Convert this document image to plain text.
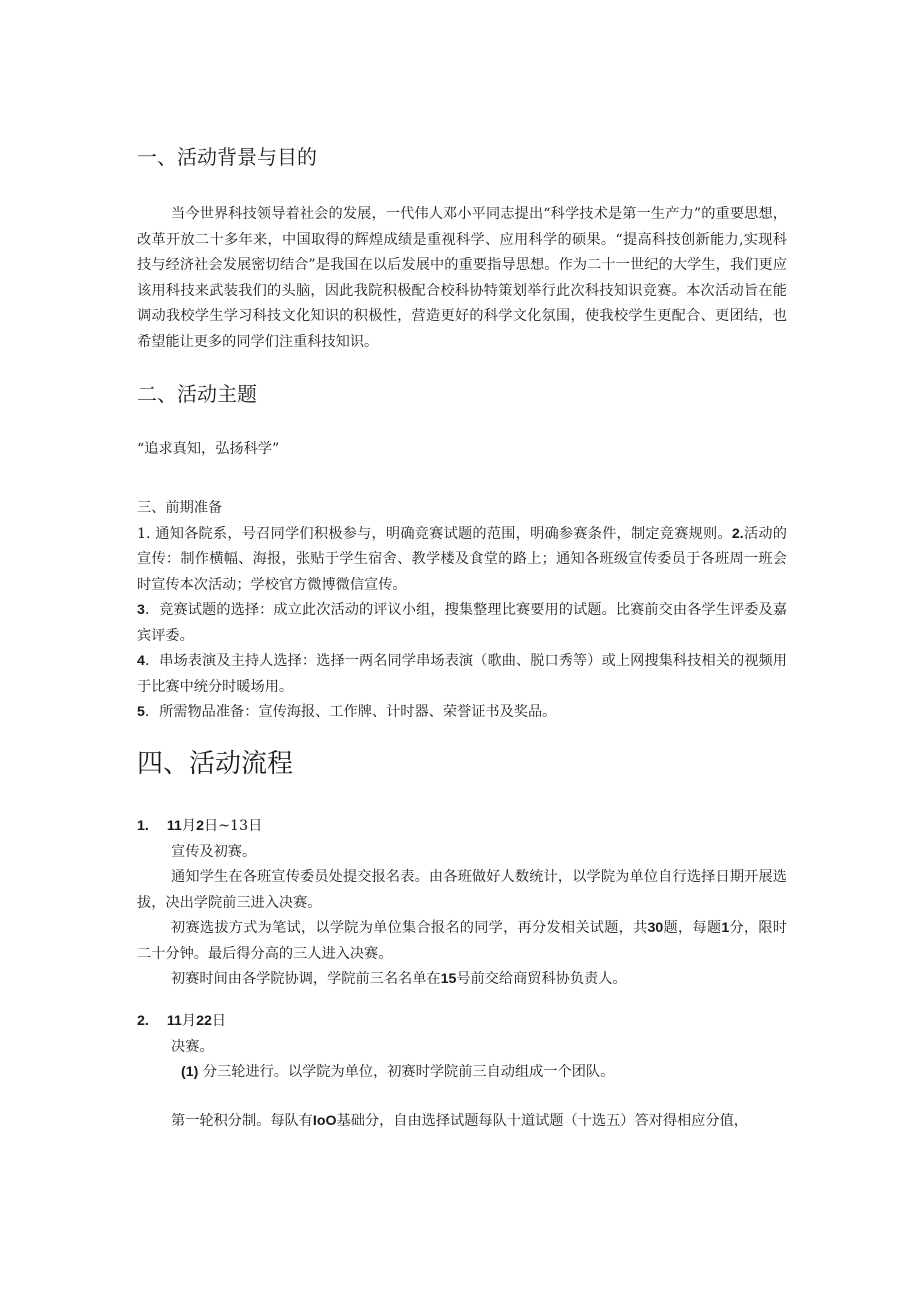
一、活动背景与目的

当今世界科技领导着社会的发展，一代伟人邓小平同志提出“科学技术是第一生产力”的重要思想，改革开放二十多年来，中国取得的辉煌成绩是重视科学、应用科学的硕果。“提高科技创新能力,实现科技与经济社会发展密切结合”是我国在以后发展中的重要指导思想。作为二十一世纪的大学生，我们更应该用科技来武装我们的头脑，因此我院积极配合校科协特策划举行此次科技知识竞赛。本次活动旨在能调动我校学生学习科技文化知识的积极性，营造更好的科学文化氛围，使我校学生更配合、更团结，也希望能让更多的同学们注重科技知识。

二、活动主题

“追求真知，弘扬科学”

三、前期准备

1. 通知各院系，号召同学们积极参与，明确竞赛试题的范围，明确参赛条件，制定竞赛规则。2.活动的宣传：制作横幅、海报，张贴于学生宿舍、教学楼及食堂的路上；通知各班级宣传委员于各班周一班会时宣传本次活动；学校官方微博微信宣传。

3．竞赛试题的选择：成立此次活动的评议小组，搜集整理比赛要用的试题。比赛前交由各学生评委及嘉宾评委。

4．串场表演及主持人选择：选择一两名同学串场表演（歌曲、脱口秀等）或上网搜集科技相关的视频用于比赛中统分时暖场用。

5．所需物品准备：宣传海报、工作牌、计时器、荣誉证书及奖品。

四、活动流程

1. 11月2日~13日

宣传及初赛。

通知学生在各班宣传委员处提交报名表。由各班做好人数统计，以学院为单位自行选择日期开展选拔，决出学院前三进入决赛。

初赛选拔方式为笔试，以学院为单位集合报名的同学，再分发相关试题，共30题，每题1分，限时二十分钟。最后得分高的三人进入决赛。

初赛时间由各学院协调，学院前三名名单在15号前交给商贸科协负责人。

2. 11月22日

决赛。

(1) 分三轮进行。以学院为单位，初赛时学院前三自动组成一个团队。

第一轮积分制。每队有IoO基础分，自由选择试题每队十道试题（十选五）答对得相应分值，
